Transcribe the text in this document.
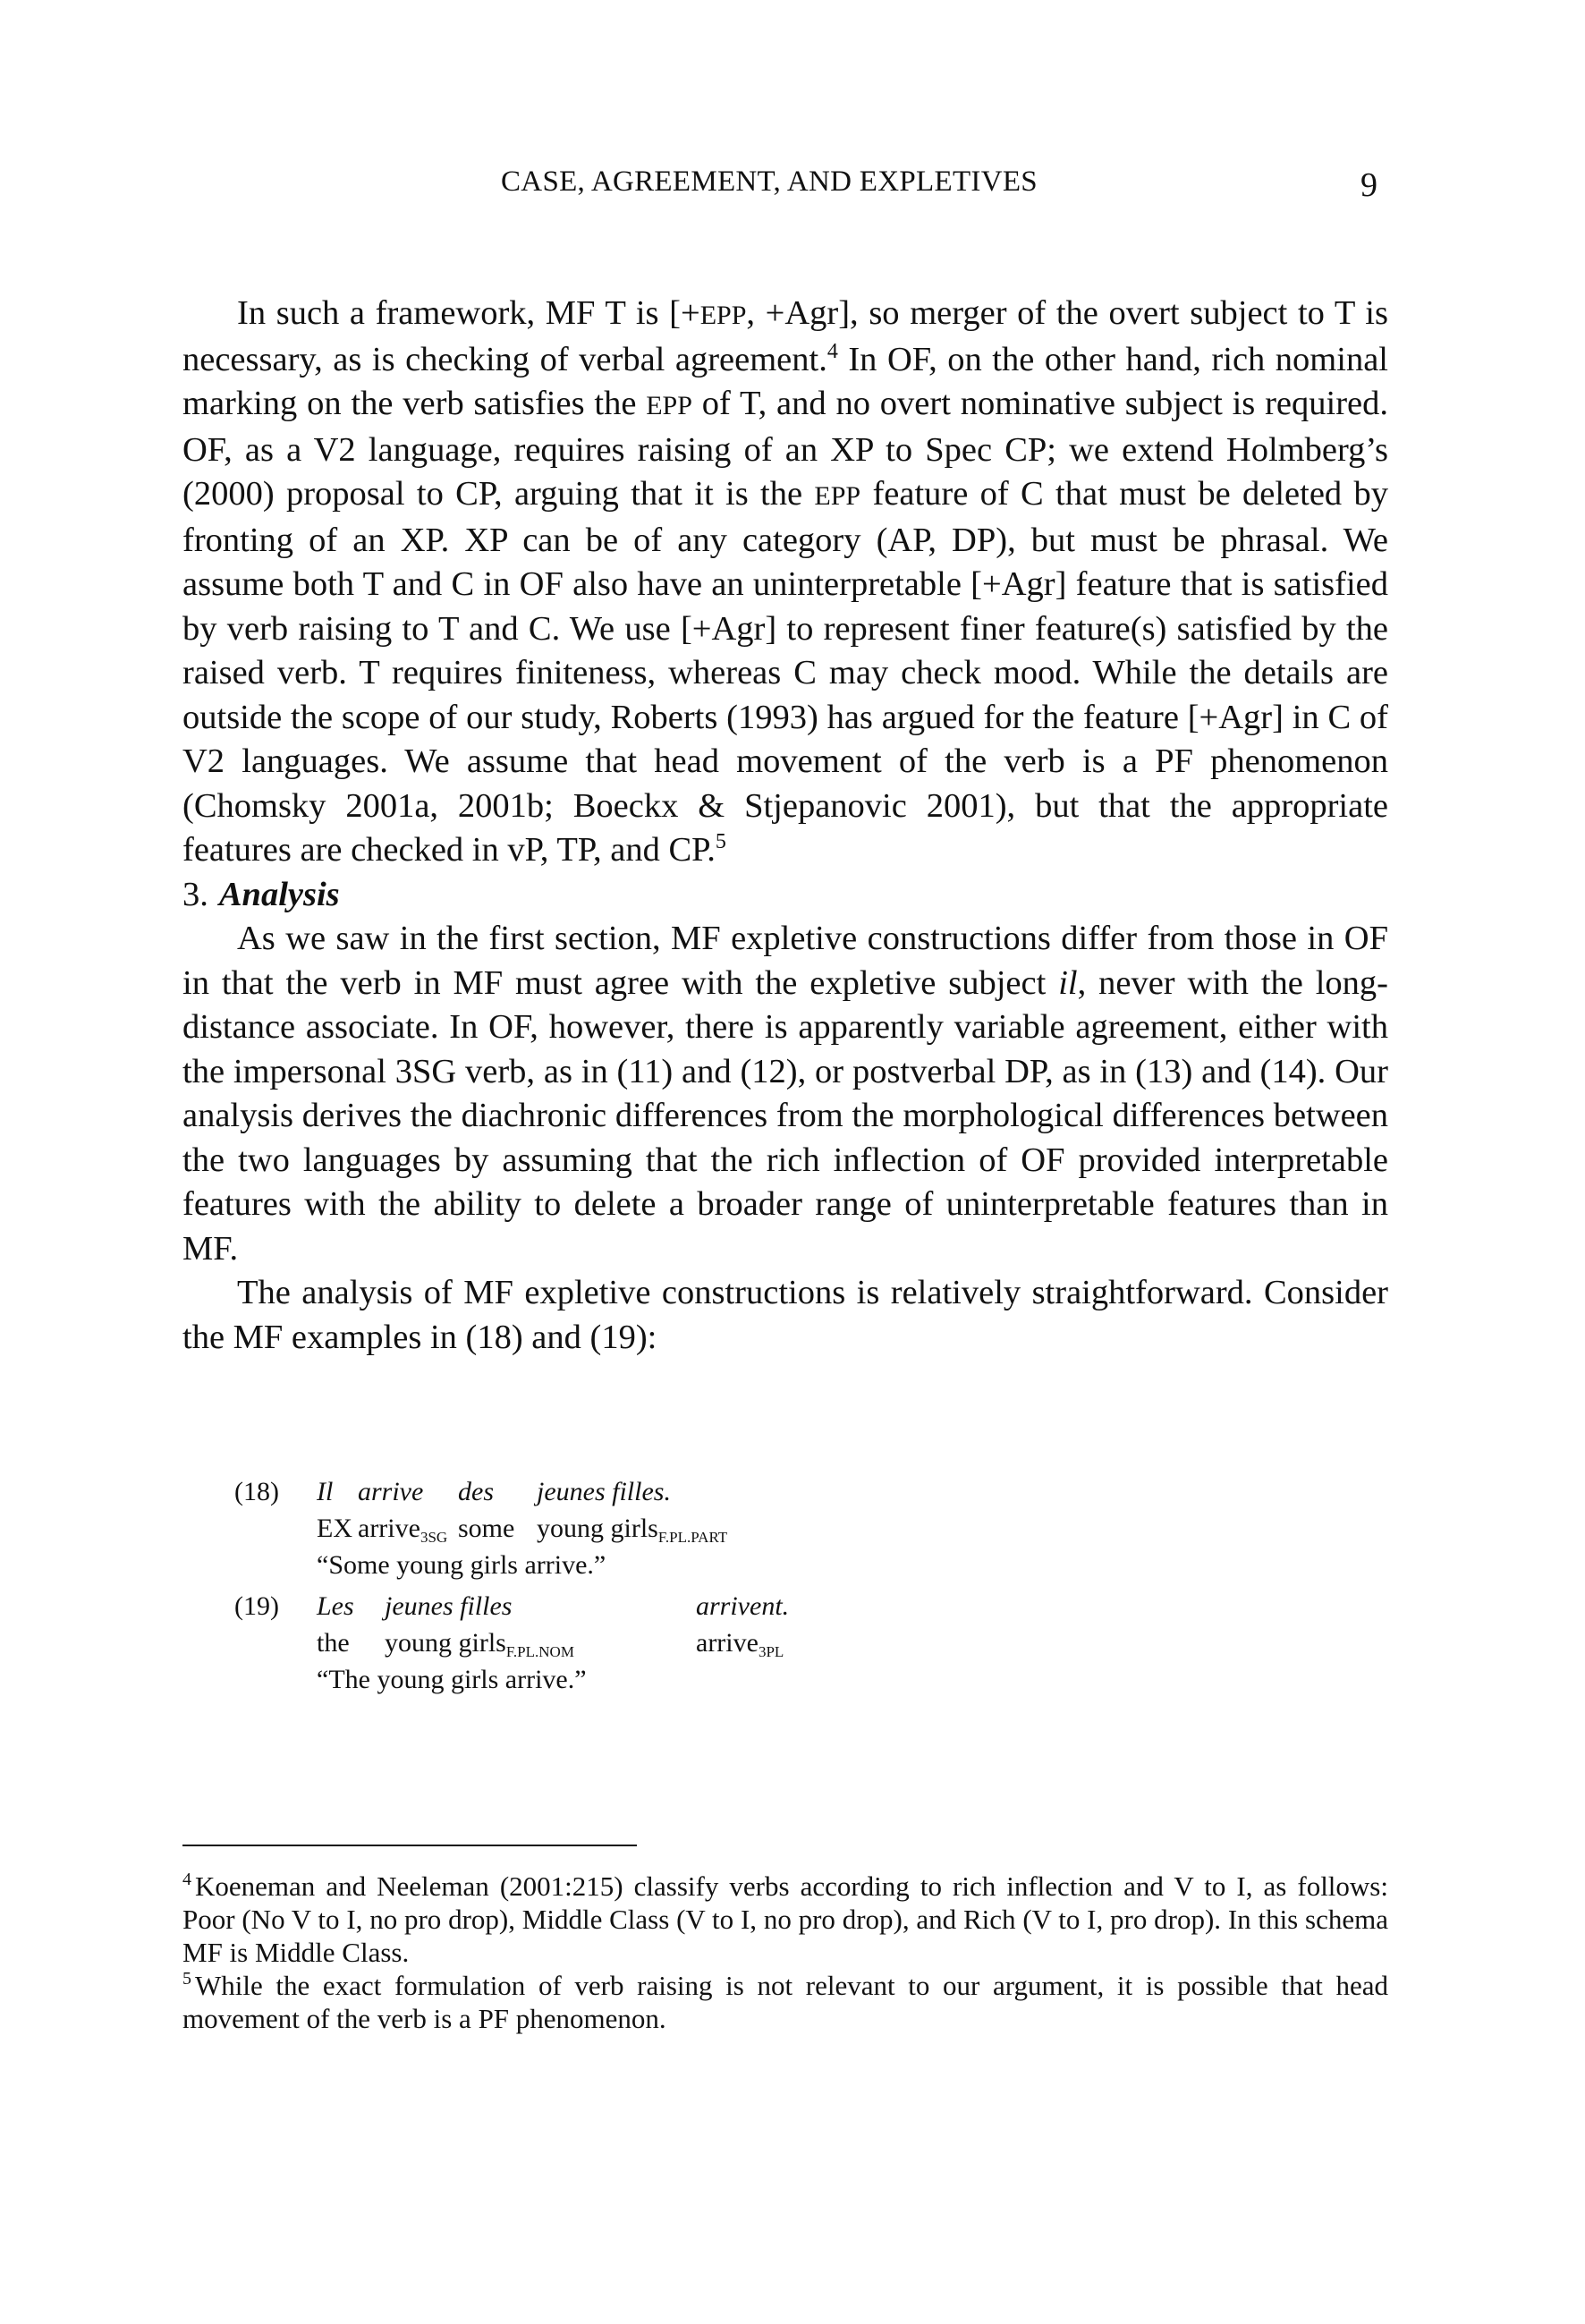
CASE, AGREEMENT, AND EXPLETIVES	9

In such a framework, MF T is [+EPP, +Agr], so merger of the overt subject to T is necessary, as is checking of verbal agreement.$^4$ In OF, on the other hand, rich nominal marking on the verb satisfies the EPP of T, and no overt nominative subject is required. OF, as a V2 language, requires raising of an XP to Spec CP; we extend Holmberg’s (2000) proposal to CP, arguing that it is the EPP feature of C that must be deleted by fronting of an XP. XP can be of any category (AP, DP), but must be phrasal. We assume both T and C in OF also have an uninterpretable [+Agr] feature that is satisfied by verb raising to T and C. We use [+Agr] to represent finer feature(s) satisfied by the raised verb. T requires finiteness, whereas C may check mood. While the details are outside the scope of our study, Roberts (1993) has argued for the feature [+Agr] in C of V2 languages. We assume that head movement of the verb is a PF phenomenon (Chomsky 2001a, 2001b; Boeckx & Stjepanovic 2001), but that the appropriate features are checked in vP, TP, and CP.$^5$

3. Analysis

As we saw in the first section, MF expletive constructions differ from those in OF in that the verb in MF must agree with the expletive subject il, never with the long-distance associate. In OF, however, there is apparently variable agreement, either with the impersonal 3SG verb, as in (11) and (12), or postverbal DP, as in (13) and (14). Our analysis derives the diachronic differences from the morphological differences between the two languages by assuming that the rich inflection of OF provided interpretable features with the ability to delete a broader range of uninterpretable features than in MF.

The analysis of MF expletive constructions is relatively straightforward. Consider the MF examples in (18) and (19):

(18) Il arrive des jeunes filles.
EX arrive$_{3SG}$ some young girls$_{F.PL.PART}$
“Some young girls arrive.”
(19) Les jeunes filles	arrivent.
the young girls$_{F.PL.NOM}$	arrive$_{3PL}$
“The young girls arrive.”

$^4$ Koeneman and Neeleman (2001:215) classify verbs according to rich inflection and V to I, as follows: Poor (No V to I, no pro drop), Middle Class (V to I, no pro drop), and Rich (V to I, pro drop). In this schema MF is Middle Class.

$^5$ While the exact formulation of verb raising is not relevant to our argument, it is possible that head movement of the verb is a PF phenomenon.
